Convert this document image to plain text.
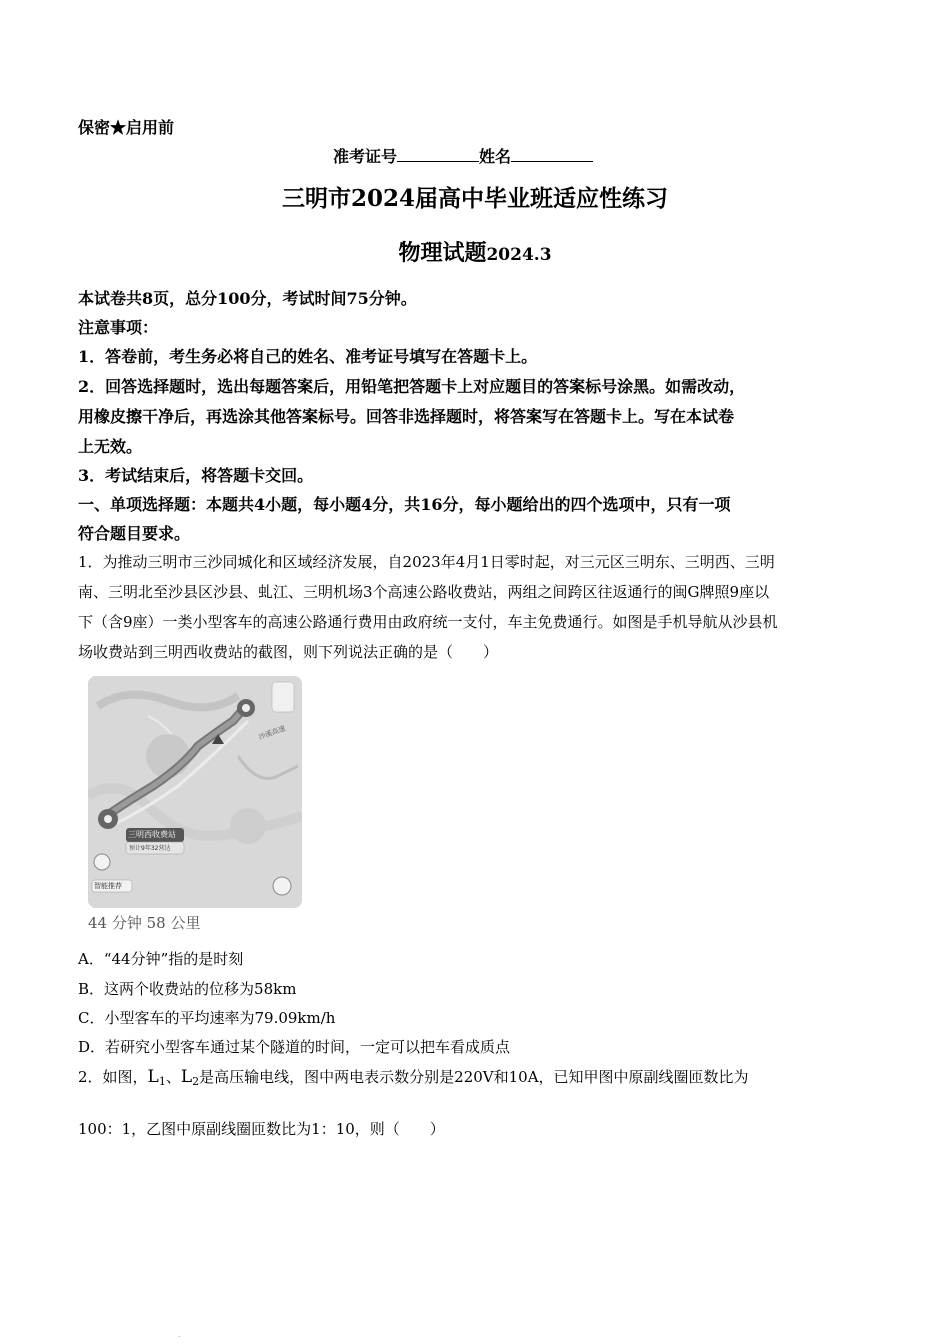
保密★启用前
准考证号	姓名
三明市2024届高中毕业班适应性练习
物理试题2024.3
本试卷共8页，总分100分，考试时间75分钟。
注意事项：
1．答卷前，考生务必将自己的姓名、准考证号填写在答题卡上。
2．回答选择题时，选出每题答案后，用铅笔把答题卡上对应题目的答案标号涂黑。如需改动，
用橡皮擦干净后，再选涂其他答案标号。回答非选择题时，将答案写在答题卡上。写在本试卷
上无效。
3．考试结束后，将答题卡交回。
一、单项选择题：本题共4小题，每小题4分，共16分，每小题给出的四个选项中，只有一项
符合题目要求。
1．为推动三明市三沙同城化和区域经济发展，自2023年4月1日零时起，对三元区三明东、三明西、三明
南、三明北至沙县区沙县、虬江、三明机场3个高速公路收费站，两组之间跨区往返通行的闽G牌照9座以
下（含9座）一类小型客车的高速公路通行费用由政府统一支付，车主免费通行。如图是手机导航从沙县机
场收费站到三明西收费站的截图，则下列说法正确的是（　　）
三明西收费站
预计9年32营达
智能推荐
沙溪高速
44 分钟 58 公里
A．“44分钟”指的是时刻
B．这两个收费站的位移为58km
C．小型客车的平均速率为79.09km/h
D．若研究小型客车通过某个隧道的时间，一定可以把车看成质点
2．如图，$L_1$、$L_2$是高压输电线，图中两电表示数分别是220V和10A，已知甲图中原副线圈匝数比为
100：1，乙图中原副线圈匝数比为1：10，则（　　）
.
